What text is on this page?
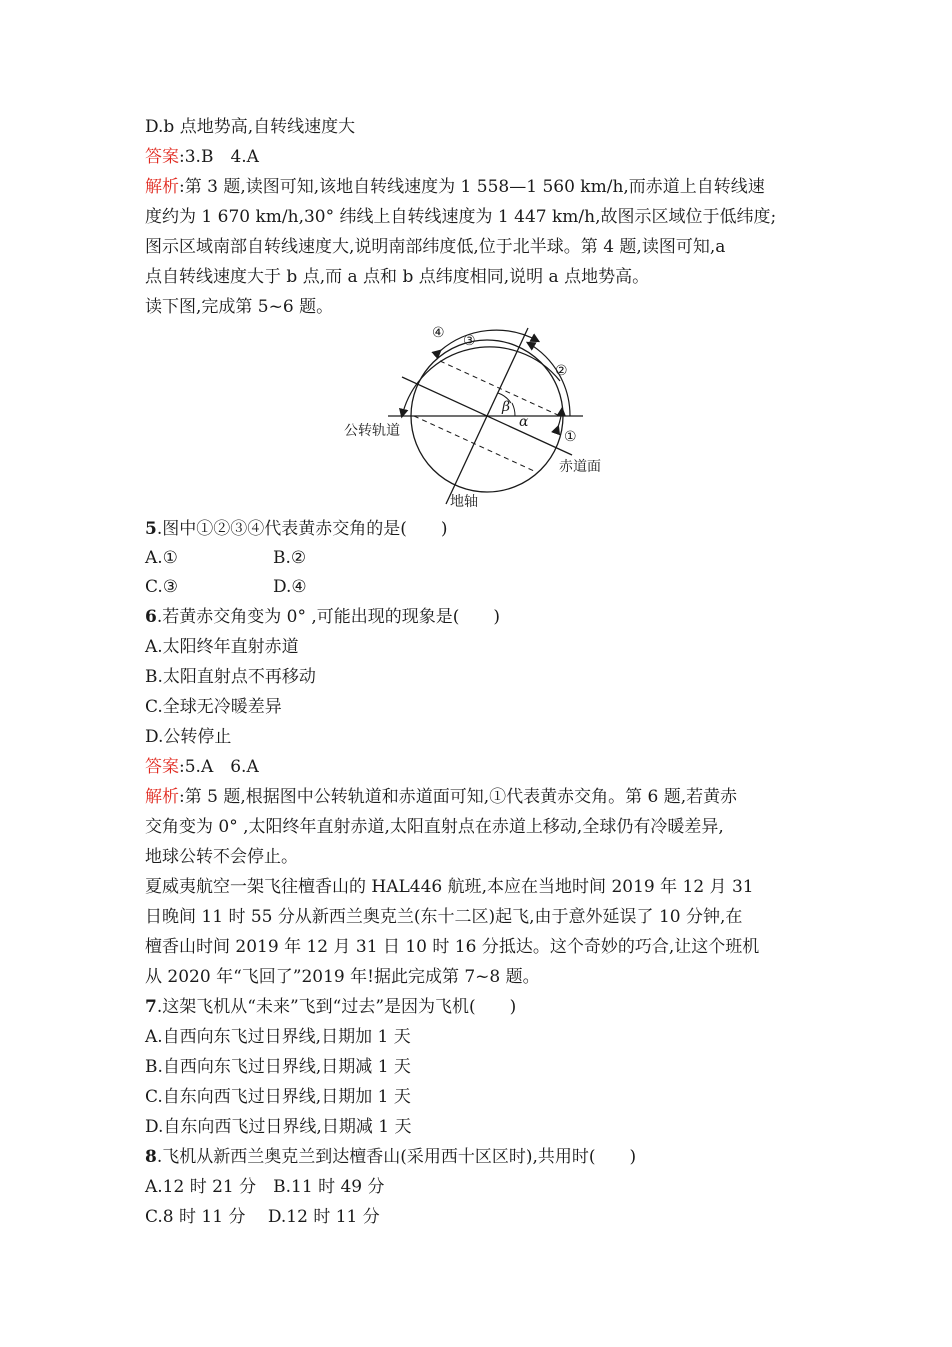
D.b 点地势高,自转线速度大
答案:3.B　4.A
解析:第 3 题,读图可知,该地自转线速度为 1 558—1 560 km/h,而赤道上自转线速
度约为 1 670 km/h,30° 纬线上自转线速度为 1 447 km/h,故图示区域位于低纬度;
图示区域南部自转线速度大,说明南部纬度低,位于北半球。第 4 题,读图可知,a
点自转线速度大于 b 点,而 a 点和 b 点纬度相同,说明 a 点地势高。
读下图,完成第 5~6 题。
④ ③
②
①
β
α
公转轨道
赤道面
地轴
5.图中①②③④代表黄赤交角的是(　　)
A.①	B.②
C.③	D.④
6.若黄赤交角变为 0° ,可能出现的现象是(　　)
A.太阳终年直射赤道
B.太阳直射点不再移动
C.全球无冷暖差异
D.公转停止
答案:5.A　6.A
解析:第 5 题,根据图中公转轨道和赤道面可知,①代表黄赤交角。第 6 题,若黄赤
交角变为 0° ,太阳终年直射赤道,太阳直射点在赤道上移动,全球仍有冷暖差异,
地球公转不会停止。
夏威夷航空一架飞往檀香山的 HAL446 航班,本应在当地时间 2019 年 12 月 31
日晚间 11 时 55 分从新西兰奥克兰(东十二区)起飞,由于意外延误了 10 分钟,在
檀香山时间 2019 年 12 月 31 日 10 时 16 分抵达。这个奇妙的巧合,让这个班机
从 2020 年“飞回了”2019 年!据此完成第 7~8 题。
7.这架飞机从“未来”飞到“过去”是因为飞机(　　)
A.自西向东飞过日界线,日期加 1 天
B.自西向东飞过日界线,日期减 1 天
C.自东向西飞过日界线,日期加 1 天
D.自东向西飞过日界线,日期减 1 天
8.飞机从新西兰奥克兰到达檀香山(采用西十区区时),共用时(　　)
A.12 时 21 分　B.11 时 49 分
C.8 时 11 分　 D.12 时 11 分
